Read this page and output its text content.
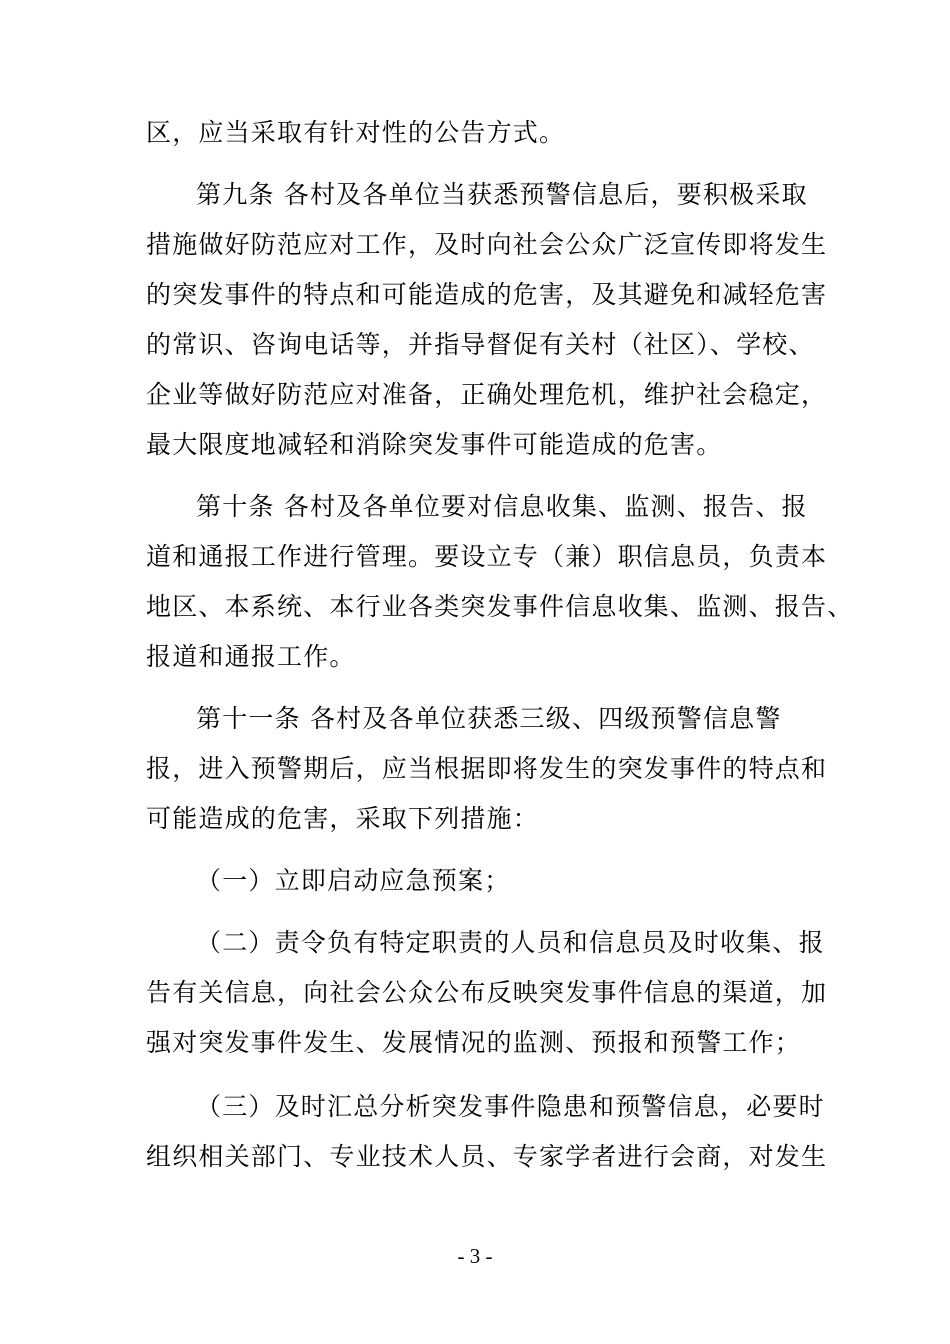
区，应当采取有针对性的公告方式。
第九条 各村及各单位当获悉预警信息后，要积极采取
措施做好防范应对工作，及时向社会公众广泛宣传即将发生
的突发事件的特点和可能造成的危害，及其避免和减轻危害
的常识、咨询电话等，并指导督促有关村（社区）、学校、
企业等做好防范应对准备，正确处理危机，维护社会稳定，
最大限度地减轻和消除突发事件可能造成的危害。
第十条 各村及各单位要对信息收集、监测、报告、报
道和通报工作进行管理。要设立专（兼）职信息员，负责本
地区、本系统、本行业各类突发事件信息收集、监测、报告、
报道和通报工作。
第十一条 各村及各单位获悉三级、四级预警信息警
报，进入预警期后，应当根据即将发生的突发事件的特点和
可能造成的危害，采取下列措施：
（一）立即启动应急预案；
（二）责令负有特定职责的人员和信息员及时收集、报
告有关信息，向社会公众公布反映突发事件信息的渠道，加
强对突发事件发生、发展情况的监测、预报和预警工作；
（三）及时汇总分析突发事件隐患和预警信息，必要时
组织相关部门、专业技术人员、专家学者进行会商，对发生
- 3 -
